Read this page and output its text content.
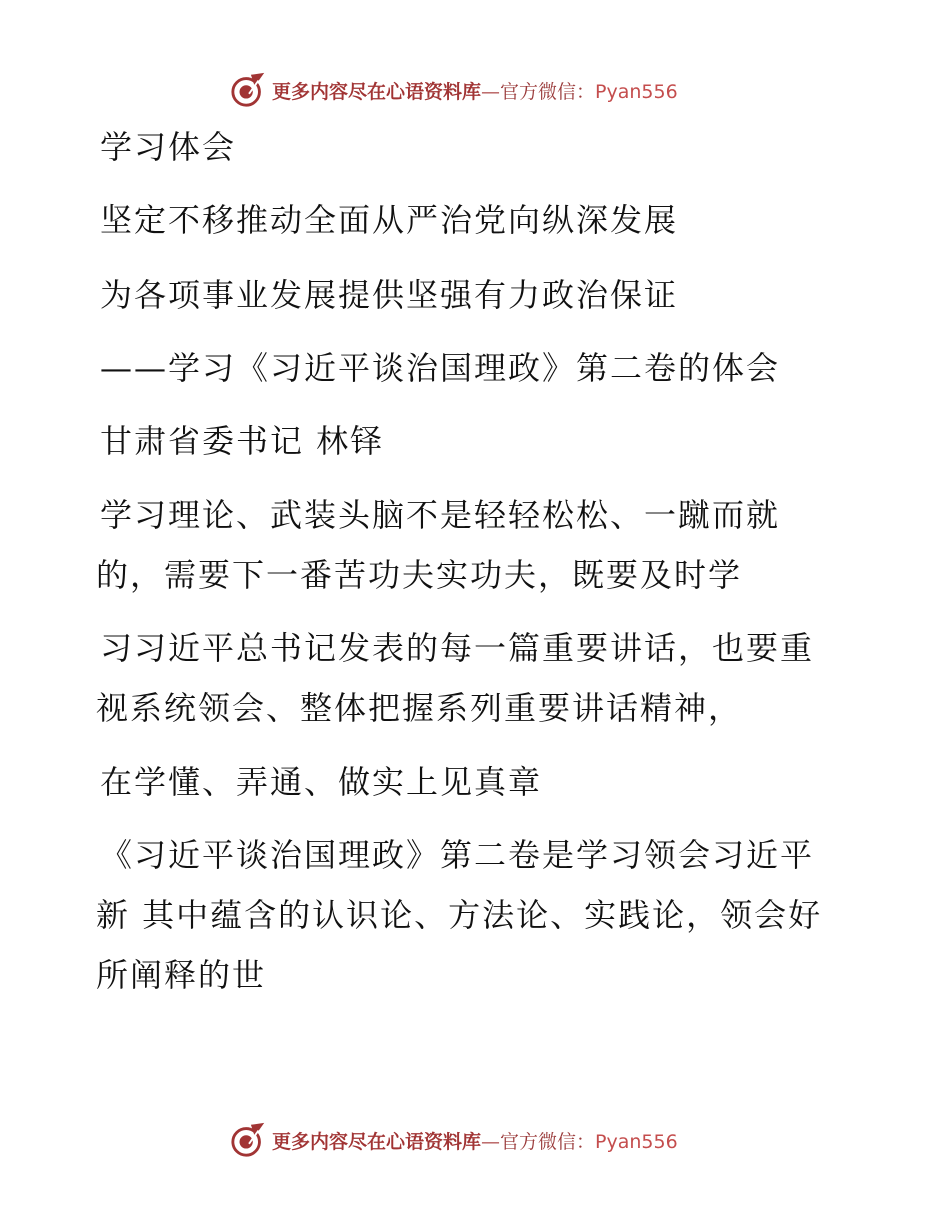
更多内容尽在心语资料库—官方微信：Pyan556
学习体会
坚定不移推动全面从严治党向纵深发展
为各项事业发展提供坚强有力政治保证
——学习《习近平谈治国理政》第二卷的体会
甘肃省委书记 林铎
学习理论、武装头脑不是轻轻松松、一蹴而就
的，需要下一番苦功夫实功夫，既要及时学
习习近平总书记发表的每一篇重要讲话，也要重
视系统领会、整体把握系列重要讲话精神，
在学懂、弄通、做实上见真章
《习近平谈治国理政》第二卷是学习领会习近平
新 其中蕴含的认识论、方法论、实践论，领会好
所阐释的世
更多内容尽在心语资料库—官方微信：Pyan556
